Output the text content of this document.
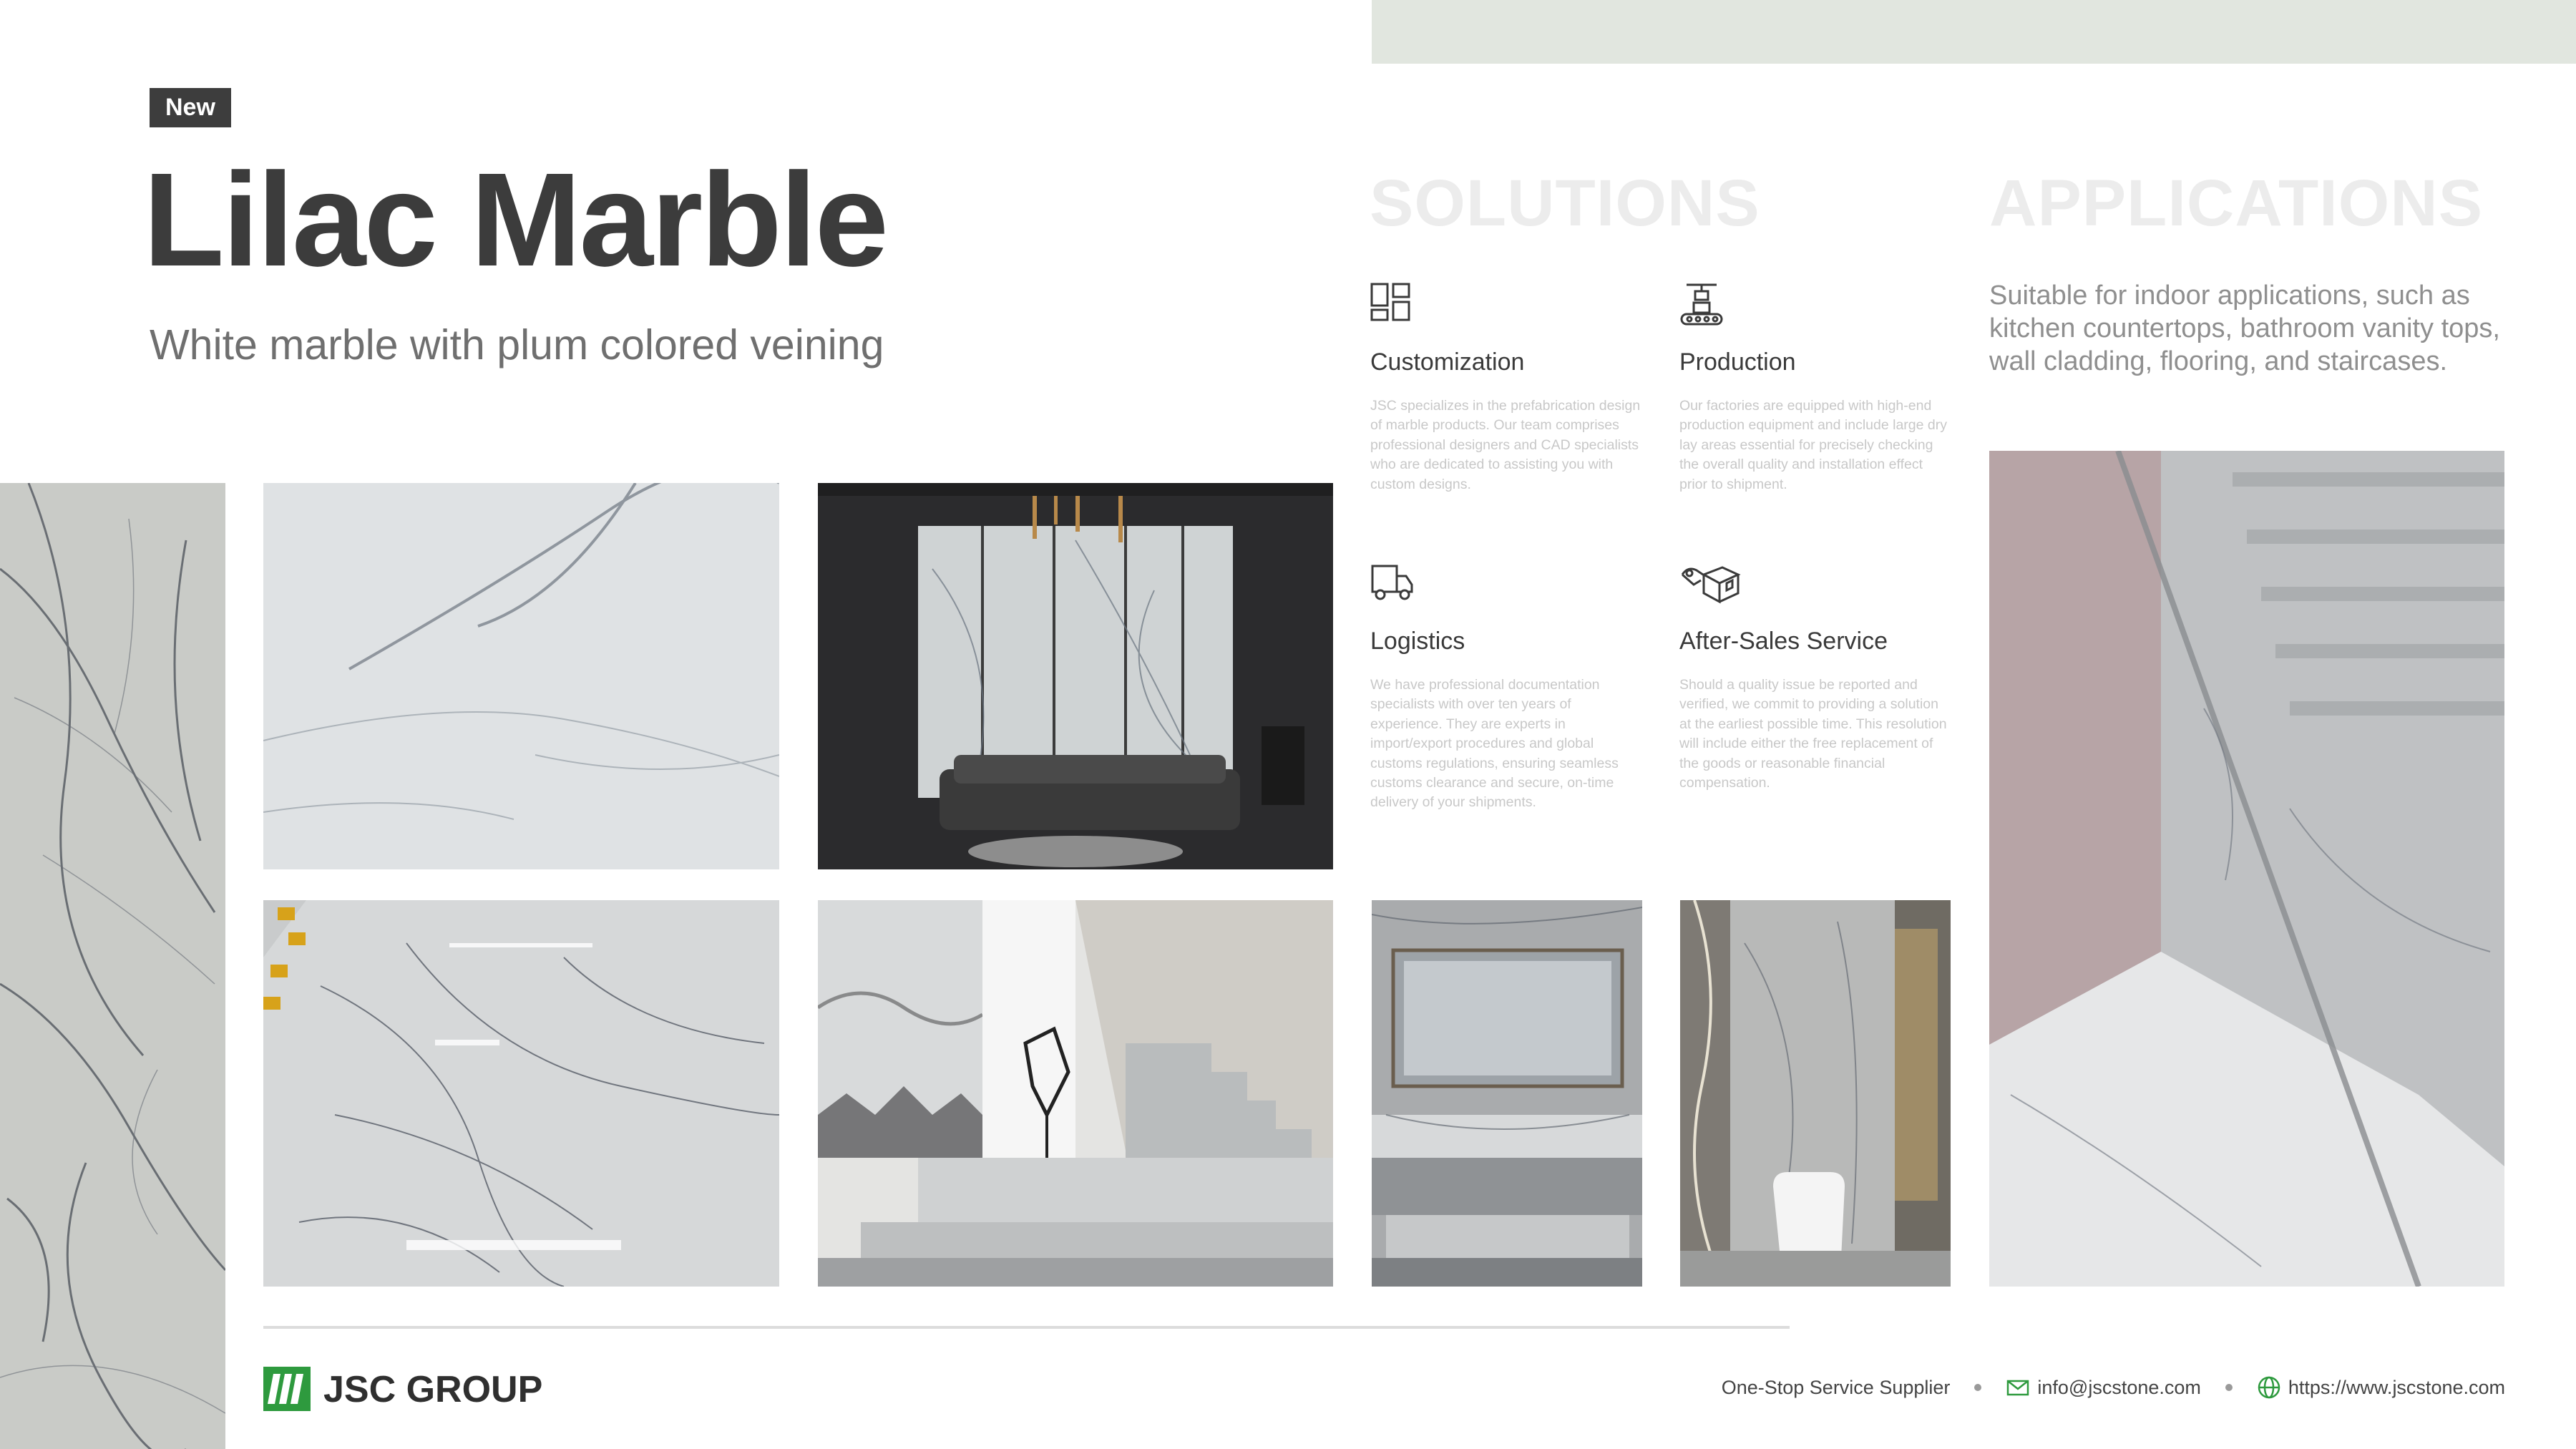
New
Lilac Marble
White marble with plum colored veining
SOLUTIONS	APPLICATIONS
Suitable for indoor applications, such as kitchen countertops, bathroom vanity tops, wall cladding, flooring, and staircases.
Customization
JSC specializes in the prefabrication design of marble products. Our team comprises professional designers and CAD specialists who are dedicated to assisting you with custom designs.
Production
Our factories are equipped with high-end production equipment and include large dry lay areas essential for precisely checking the overall quality and installation effect prior to shipment.
Logistics
We have professional documentation specialists with over ten years of experience. They are experts in import/export procedures and global customs regulations, ensuring seamless customs clearance and secure, on-time delivery of your shipments.
After-Sales Service
Should a quality issue be reported and verified, we commit to providing a solution at the earliest possible time. This resolution will include either the free replacement of the goods or reasonable financial compensation.
JSC GROUP	One-Stop Service Supplier	info@jscstone.com	https://www.jscstone.com
